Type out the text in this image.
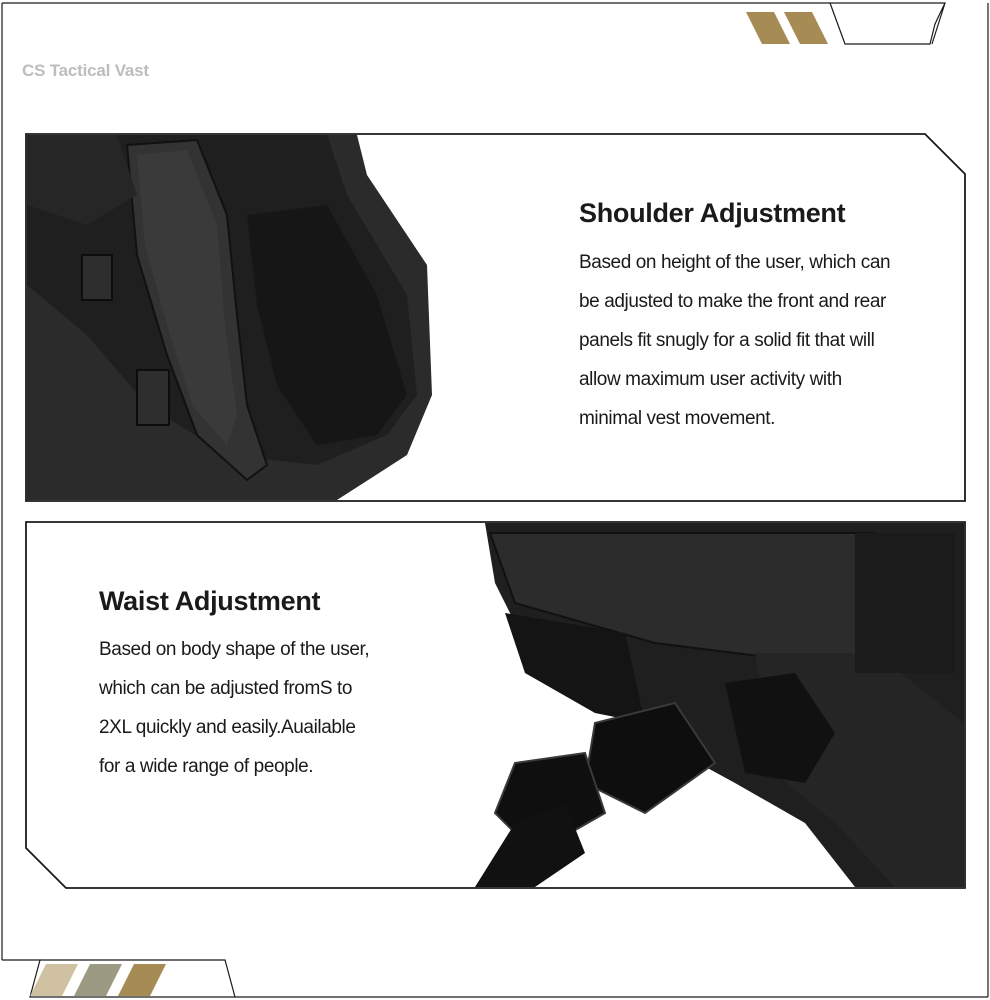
CS Tactical Vast
Shoulder Adjustment
Based on height of the user, which can
be adjusted to make the front and rear
panels fit snugly for a solid fit that will
allow maximum user activity with
minimal vest movement.
Waist Adjustment
Based on body shape of the user,
which can be adjusted fromS to
2XL quickly and easily.Auailable
for a wide range of people.
